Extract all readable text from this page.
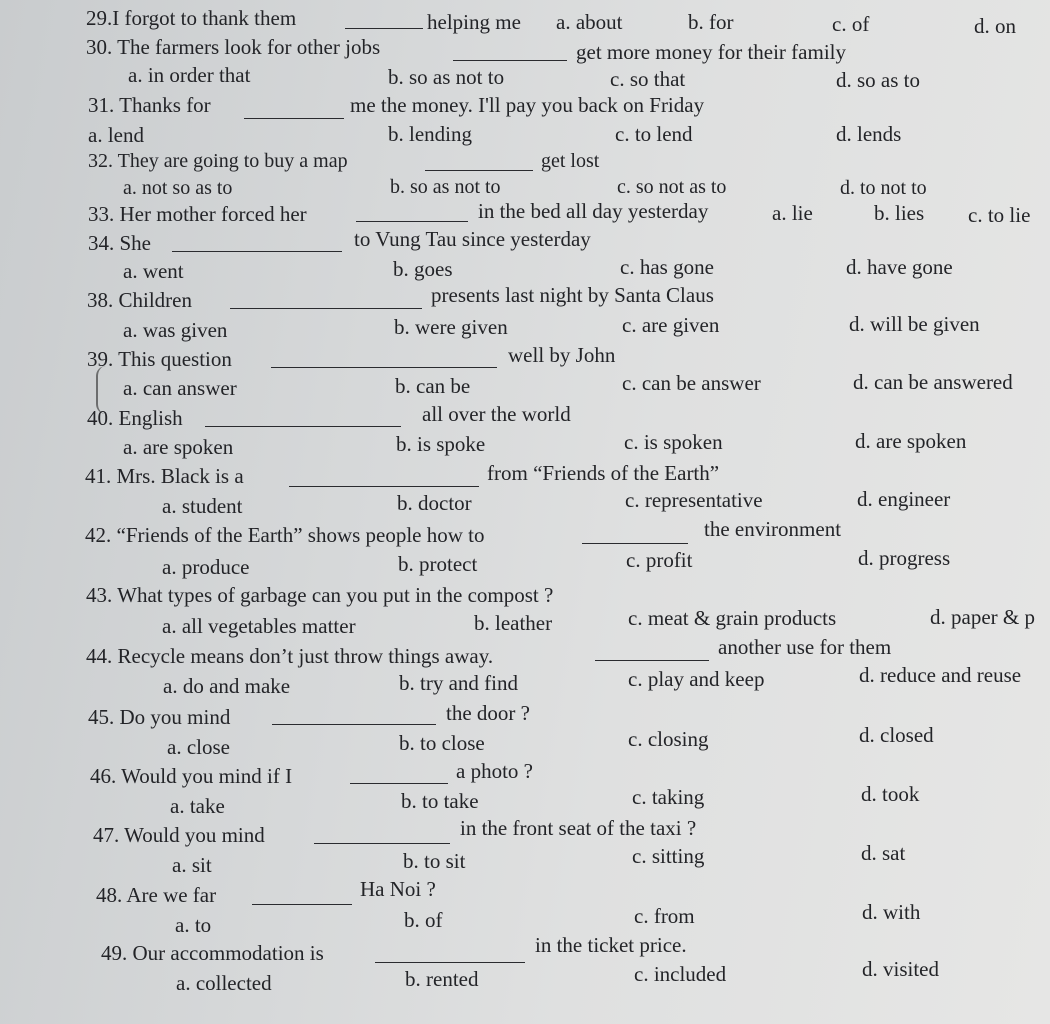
29.I forgot to thank them	helping me a. about	b. for	c. of	d. on
30. The farmers look for other jobs	get more money for their family
a. in order that	b. so as not to	c. so that	d. so as to
31. Thanks for	me the money. I'll pay you back on Friday
a. lend	b. lending	c. to lend	d. lends
32. They are going to buy a map	get lost
a. not so as to	b. so as not to	c. so not as to	d. to not to
33. Her mother forced her	in the bed all day yesterday	a. lie	b. lies c. to lie
34. She	to Vung Tau since yesterday
a. went	b. goes	c. has gone	d. have gone
38. Children	presents last night by Santa Claus
a. was given	b. were given	c. are given	d. will be given
39. This question	well by John
a. can answer	b. can be	c. can be answer	d. can be answered
40. English	all over the world
a. are spoken	b. is spoke	c. is spoken	d. are spoken
41. Mrs. Black is a	from “Friends of the Earth”
a. student	b. doctor	c. representative	d. engineer
42. “Friends of the Earth” shows people how to	the environment
a. produce	b. protect	c. profit	d. progress
43. What types of garbage can you put in the compost ?
a. all vegetables matter	b. leather	c. meat & grain products	d. paper & p
44. Recycle means don’t just throw things away.	another use for them
a. do and make	b. try and find	c. play and keep	d. reduce and reuse
45. Do you mind	the door ?
a. close	b. to close	c. closing	d. closed
46. Would you mind if I	a photo ?
a. take	b. to take	c. taking	d. took
47. Would you mind	in the front seat of the taxi ?
a. sit	b. to sit	c. sitting	d. sat
48. Are we far	Ha Noi ?
a. to	b. of	c. from	d. with
49. Our accommodation is	in the ticket price.
a. collected	b. rented	c. included	d. visited
